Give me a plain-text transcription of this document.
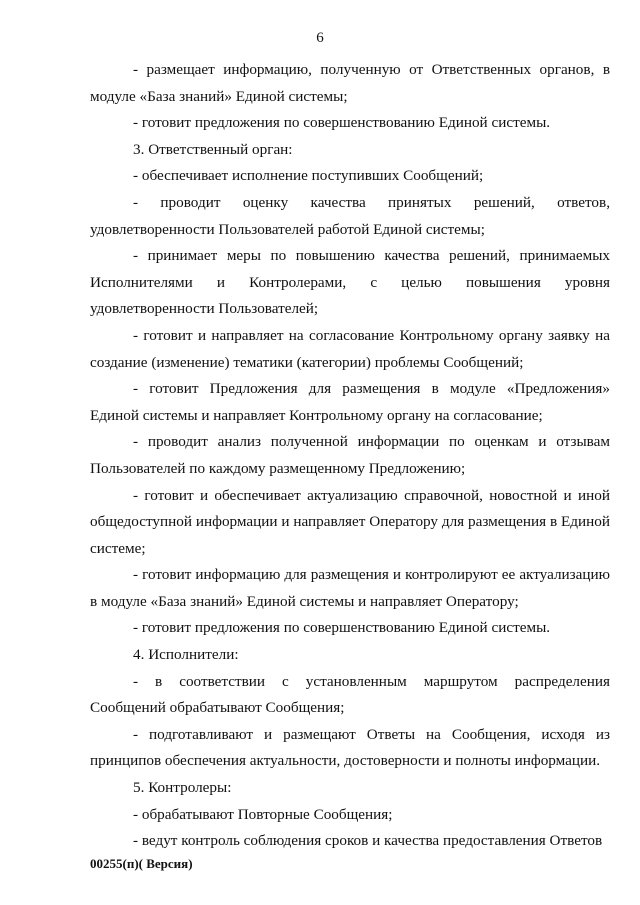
6

- размещает информацию, полученную от Ответственных органов, в модуле «База знаний» Единой системы;

- готовит предложения по совершенствованию Единой системы.

3. Ответственный орган:

- обеспечивает исполнение поступивших Сообщений;

- проводит оценку качества принятых решений, ответов, удовлетворенности Пользователей работой Единой системы;

- принимает меры по повышению качества решений, принимаемых Исполнителями и Контролерами, с целью повышения уровня удовлетворенности Пользователей;

- готовит и направляет на согласование Контрольному органу заявку на создание (изменение) тематики (категории) проблемы Сообщений;

- готовит Предложения для размещения в модуле «Предложения» Единой системы и направляет Контрольному органу на согласование;

- проводит анализ полученной информации по оценкам и отзывам Пользователей по каждому размещенному Предложению;

- готовит и обеспечивает актуализацию справочной, новостной и иной общедоступной информации и направляет Оператору для размещения в Единой системе;

- готовит информацию для размещения и контролируют ее актуализацию в модуле «База знаний» Единой системы и направляет Оператору;

- готовит предложения по совершенствованию Единой системы.

4. Исполнители:

- в соответствии с установленным маршрутом распределения Сообщений обрабатывают Сообщения;

- подготавливают и размещают Ответы на Сообщения, исходя из принципов обеспечения актуальности, достоверности и полноты информации.

5. Контролеры:

- обрабатывают Повторные Сообщения;

- ведут контроль соблюдения сроков и качества предоставления Ответов

00255(п)( Версия)
